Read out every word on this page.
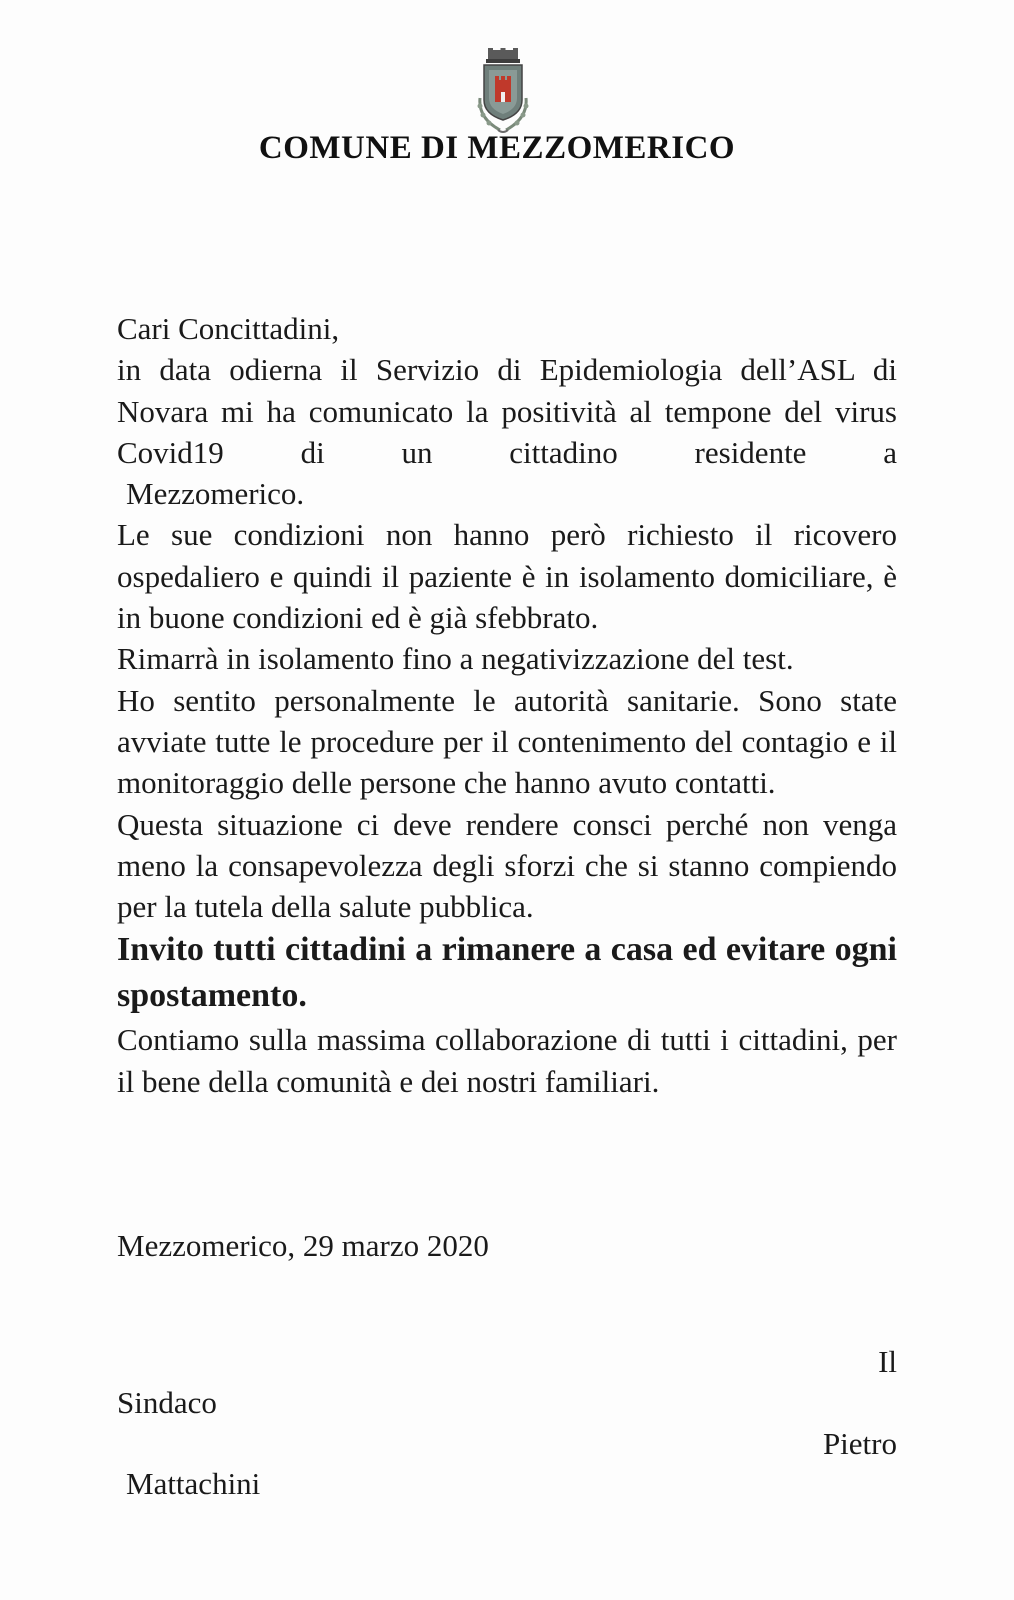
COMUNE DI MEZZOMERICO

Cari Concittadini,

in data odierna il Servizio di Epidemiologia dell’ASL di Novara mi ha comunicato la positività al tempone del virus Covid19 di un cittadino residente a

Mezzomerico.

Le sue condizioni non hanno però richiesto il ricovero ospedaliero e quindi il paziente è in isolamento domiciliare, è in buone condizioni ed è già sfebbrato.

Rimarrà in isolamento fino a negativizzazione del test.

Ho sentito personalmente le autorità sanitarie. Sono state avviate tutte le procedure per il contenimento del contagio e il monitoraggio delle persone che hanno avuto contatti.

Questa situazione ci deve rendere consci perché non venga meno la consapevolezza degli sforzi che si stanno compiendo per la tutela della salute pubblica.

Invito tutti cittadini a rimanere a casa ed evitare ogni spostamento.

Contiamo sulla massima collaborazione di tutti i cittadini, per il bene della comunità e dei nostri familiari.

Mezzomerico, 29 marzo 2020
Il
Sindaco
Pietro
Mattachini
